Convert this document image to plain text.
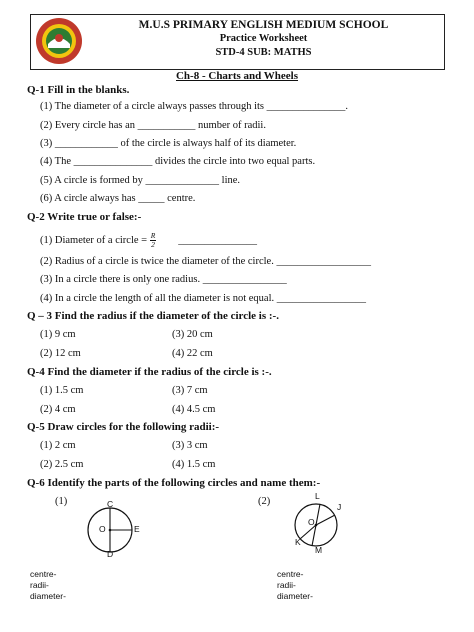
M.U.S PRIMARY ENGLISH MEDIUM SCHOOL
Practice Worksheet
STD-4 SUB: MATHS
Ch-8 - Charts and Wheels
Q-1 Fill in the blanks.
(1) The diameter of a circle always passes through its _______________.
(2) Every circle has an ___________ number of radii.
(3) ____________ of the circle is always half of its diameter.
(4) The _______________ divides the circle into two equal parts.
(5) A circle is formed by ______________ line.
(6) A circle always has _____ centre.
Q-2 Write true or false:-
(1) Diameter of a circle = $\frac{R}{2}$ _______________
(2) Radius of a circle is twice the diameter of the circle. __________________
(3) In a circle there is only one radius. ________________
(4) In a circle the length of all the diameter is not equal. _________________
Q – 3 Find the radius if the diameter of the circle is :-.
(1) 9 cm	(3) 20 cm
(2) 12 cm	(4) 22 cm
Q-4 Find the diameter if the radius of the circle is :-.
(1) 1.5 cm	(3) 7 cm
(2) 4 cm	(4) 4.5 cm
Q-5 Draw circles for the following radii:-
(1) 2 cm	(3) 3 cm
(2) 2.5 cm	(4) 1.5 cm
Q-6 Identify the parts of the following circles and name them:-
(1)	(2)
C
O	E
D
L
J
O
K
M
centre-
radii-
diameter-
centre-
radii-
diameter-
